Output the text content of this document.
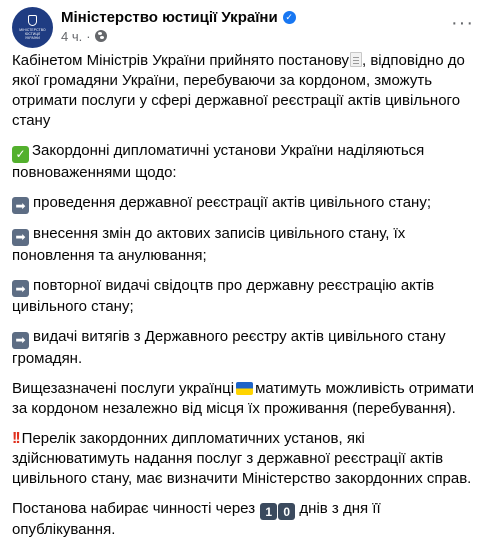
МІНІСТЕРСТВО ЮСТИЦІЇ УКРАЇНИ
Міністерство юстиції України ✓
4 ч. ·
···

Кабінетом Міністрів України прийнято постанову , відповідно до якої громадяни України, перебуваючи за кордоном, зможуть отримати послуги у сфері державної реєстрації актів цивільного стану

✓ Закордонні дипломатичні установи України наділяються повноваженнями щодо:

➡ проведення державної реєстрації актів цивільного стану;

➡ внесення змін до актових записів цивільного стану, їх поновлення та анулювання;

➡ повторної видачі свідоцтв про державну реєстрацію актів цивільного стану;

➡ видачі витягів з Державного реєстру актів цивільного стану громадян.

Вищезазначені послуги українці матимуть можливість отримати за кордоном незалежно від місця їх проживання (перебування).

!! Перелік закордонних дипломатичних установ, які здійснюватимуть надання послуг з державної реєстрації актів цивільного стану, має визначити Міністерство закордонних справ.

Постанова набирає чинності через 1 0 днів з дня її опублікування.
